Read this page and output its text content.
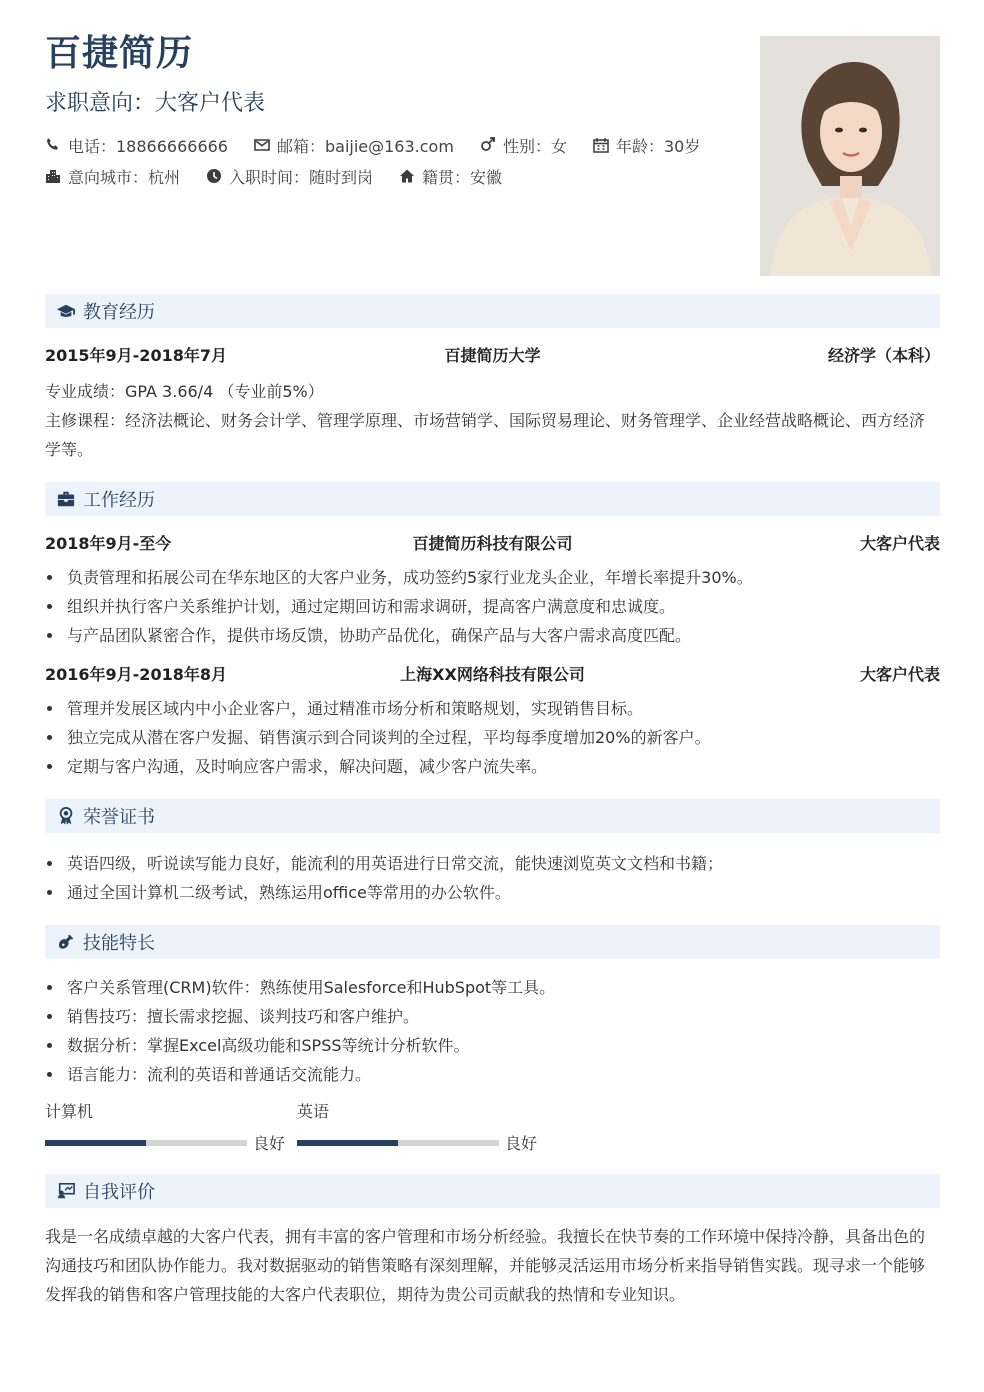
百捷简历
求职意向：大客户代表
电话：18866666666	邮箱：baijie@163.com	性别：女	年龄：30岁
意向城市：杭州	入职时间：随时到岗	籍贯：安徽
教育经历
2015年9月-2018年7月	百捷简历大学	经济学（本科）
专业成绩：GPA 3.66/4 （专业前5%）
主修课程：经济法概论、财务会计学、管理学原理、市场营销学、国际贸易理论、财务管理学、企业经营战略概论、西方经济学等。
工作经历
2018年9月-至今	百捷简历科技有限公司	大客户代表
负责管理和拓展公司在华东地区的大客户业务，成功签约5家行业龙头企业，年增长率提升30%。
组织并执行客户关系维护计划，通过定期回访和需求调研，提高客户满意度和忠诚度。
与产品团队紧密合作，提供市场反馈，协助产品优化，确保产品与大客户需求高度匹配。
2016年9月-2018年8月	上海XX网络科技有限公司	大客户代表
管理并发展区域内中小企业客户，通过精准市场分析和策略规划，实现销售目标。
独立完成从潜在客户发掘、销售演示到合同谈判的全过程，平均每季度增加20%的新客户。
定期与客户沟通，及时响应客户需求，解决问题，减少客户流失率。
荣誉证书
英语四级，听说读写能力良好，能流利的用英语进行日常交流，能快速浏览英文文档和书籍；
通过全国计算机二级考试，熟练运用office等常用的办公软件。
技能特长
客户关系管理(CRM)软件：熟练使用Salesforce和HubSpot等工具。
销售技巧：擅长需求挖掘、谈判技巧和客户维护。
数据分析：掌握Excel高级功能和SPSS等统计分析软件。
语言能力：流利的英语和普通话交流能力。
计算机
良好
英语
良好
自我评价
我是一名成绩卓越的大客户代表，拥有丰富的客户管理和市场分析经验。我擅长在快节奏的工作环境中保持冷静，具备出色的沟通技巧和团队协作能力。我对数据驱动的销售策略有深刻理解，并能够灵活运用市场分析来指导销售实践。现寻求一个能够发挥我的销售和客户管理技能的大客户代表职位，期待为贵公司贡献我的热情和专业知识。
